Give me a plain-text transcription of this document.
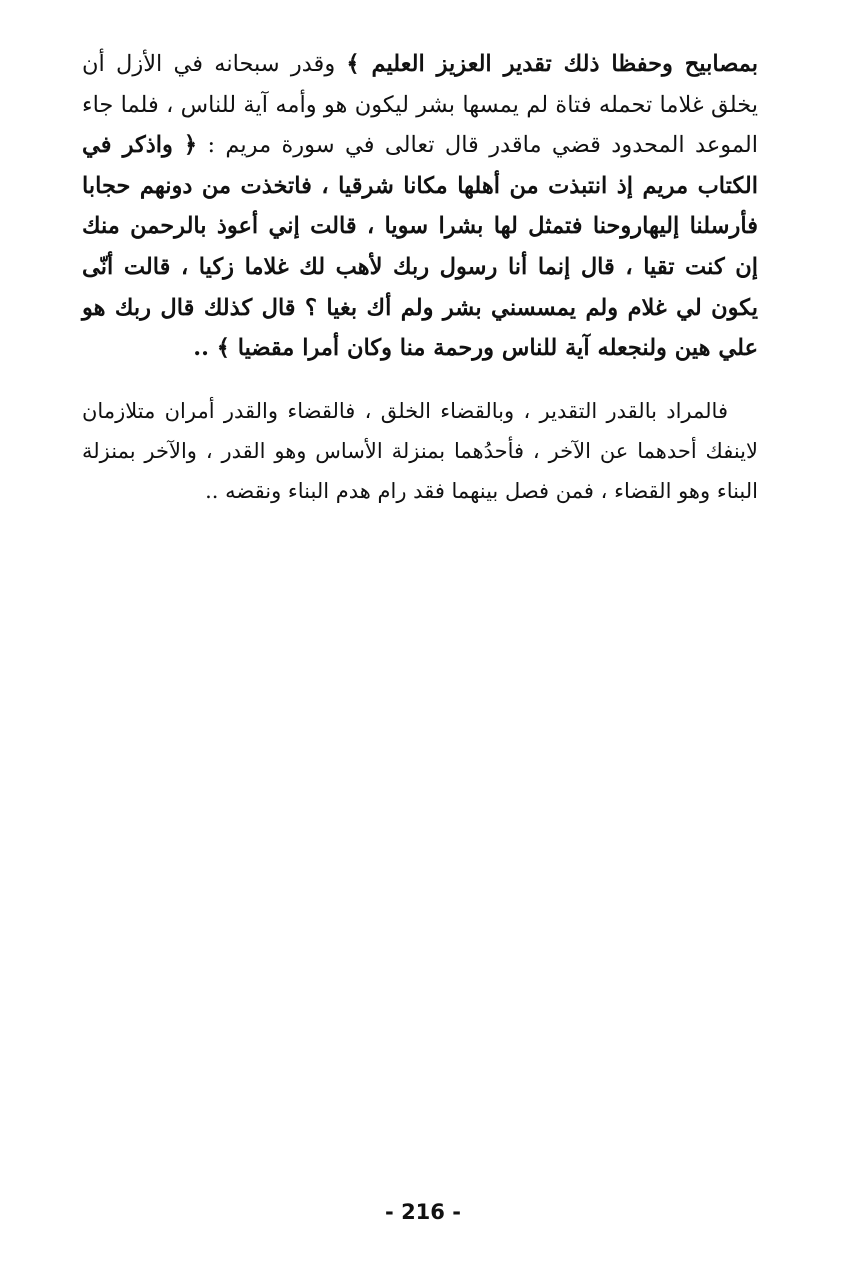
بمصابيح وحفظا ذلك تقدير العزيز العليم ﴾ وقدر سبحانه في الأزل أن يخلق غلاما تحمله فتاة لم يمسها بشر ليكون هو وأمه آية للناس ، فلما جاء الموعد المحدود قضي ماقدر قال تعالى في سورة مريم : ﴿ واذكر في الكتاب مريم إذ انتبذت من أهلها مكانا شرقيا ، فاتخذت من دونهم حجابا فأرسلنا إليهاروحنا فتمثل لها بشرا سويا ، قالت إني أعوذ بالرحمن منك إن كنت تقيا ، قال إنما أنا رسول ربك لأهب لك غلاما زكيا ، قالت أنّى يكون لي غلام ولم يمسسني بشر ولم أك بغيا ؟ قال كذلك قال ربك هو علي هين ولنجعله آية للناس ورحمة منا وكان أمرا مقضيا ﴾ ..

فالمراد بالقدر التقدير ، وبالقضاء الخلق ، فالقضاء والقدر أمران متلازمان لاينفك أحدهما عن الآخر ، فأحدُهما بمنزلة الأساس وهو القدر ، والآخر بمنزلة البناء وهو القضاء ، فمن فصل بينهما فقد رام هدم البناء ونقضه ..

- 216 -
